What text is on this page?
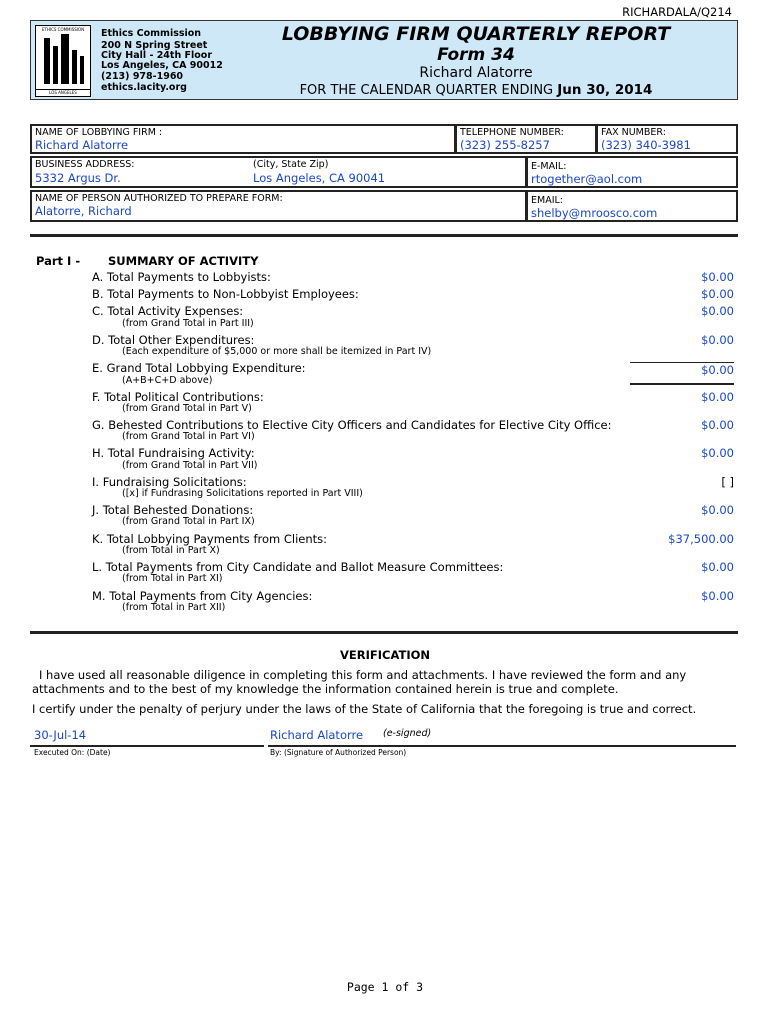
RICHARDALA/Q214
ETHICS COMMISSION
LOS ANGELES
Ethics Commission
200 N Spring Street
City Hall - 24th Floor
Los Angeles, CA 90012
(213) 978-1960
ethics.lacity.org
LOBBYING FIRM QUARTERLY REPORT
Form 34
Richard Alatorre
FOR THE CALENDAR QUARTER ENDING Jun 30, 2014
NAME OF LOBBYING FIRM :
Richard Alatorre
TELEPHONE NUMBER:
(323) 255-8257
FAX NUMBER:
(323) 340-3981
BUSINESS ADDRESS:
5332 Argus Dr.
(City, State Zip)
Los Angeles, CA 90041
E-MAIL:
rtogether@aol.com
NAME OF PERSON AUTHORIZED TO PREPARE FORM:
Alatorre, Richard
EMAIL:
shelby@mroosco.com
Part I - SUMMARY OF ACTIVITY
A. Total Payments to Lobbyists:	$0.00
B. Total Payments to Non-Lobbyist Employees:	$0.00
C. Total Activity Expenses:
(from Grand Total in Part III)
$0.00
D. Total Other Expenditures:
(Each expenditure of $5,000 or more shall be itemized in Part IV)
$0.00
E. Grand Total Lobbying Expenditure:
(A+B+C+D above)
$0.00
F. Total Political Contributions:
(from Grand Total in Part V)
$0.00
G. Behested Contributions to Elective City Officers and Candidates for Elective City Office:
(from Grand Total in Part VI)
$0.00
H. Total Fundraising Activity:
(from Grand Total in Part VII)
$0.00
I. Fundraising Solicitations:
([x] if Fundrasing Solicitations reported in Part VIII)
[ ]
J. Total Behested Donations:
(from Grand Total in Part IX)
$0.00
K. Total Lobbying Payments from Clients:
(from Total in Part X)
$37,500.00
L. Total Payments from City Candidate and Ballot Measure Committees:
(from Total in Part XI)
$0.00
M. Total Payments from City Agencies:
(from Total in Part XII)
$0.00
VERIFICATION
I have used all reasonable diligence in completing this form and attachments. I have reviewed the form and any attachments and to the best of my knowledge the information contained herein is true and complete.
I certify under the penalty of perjury under the laws of the State of California that the foregoing is true and correct.
30-Jul-14	Richard Alatorre (e-signed)
Executed On: (Date)	By: (Signature of Authorized Person)
Page 1 of 3
